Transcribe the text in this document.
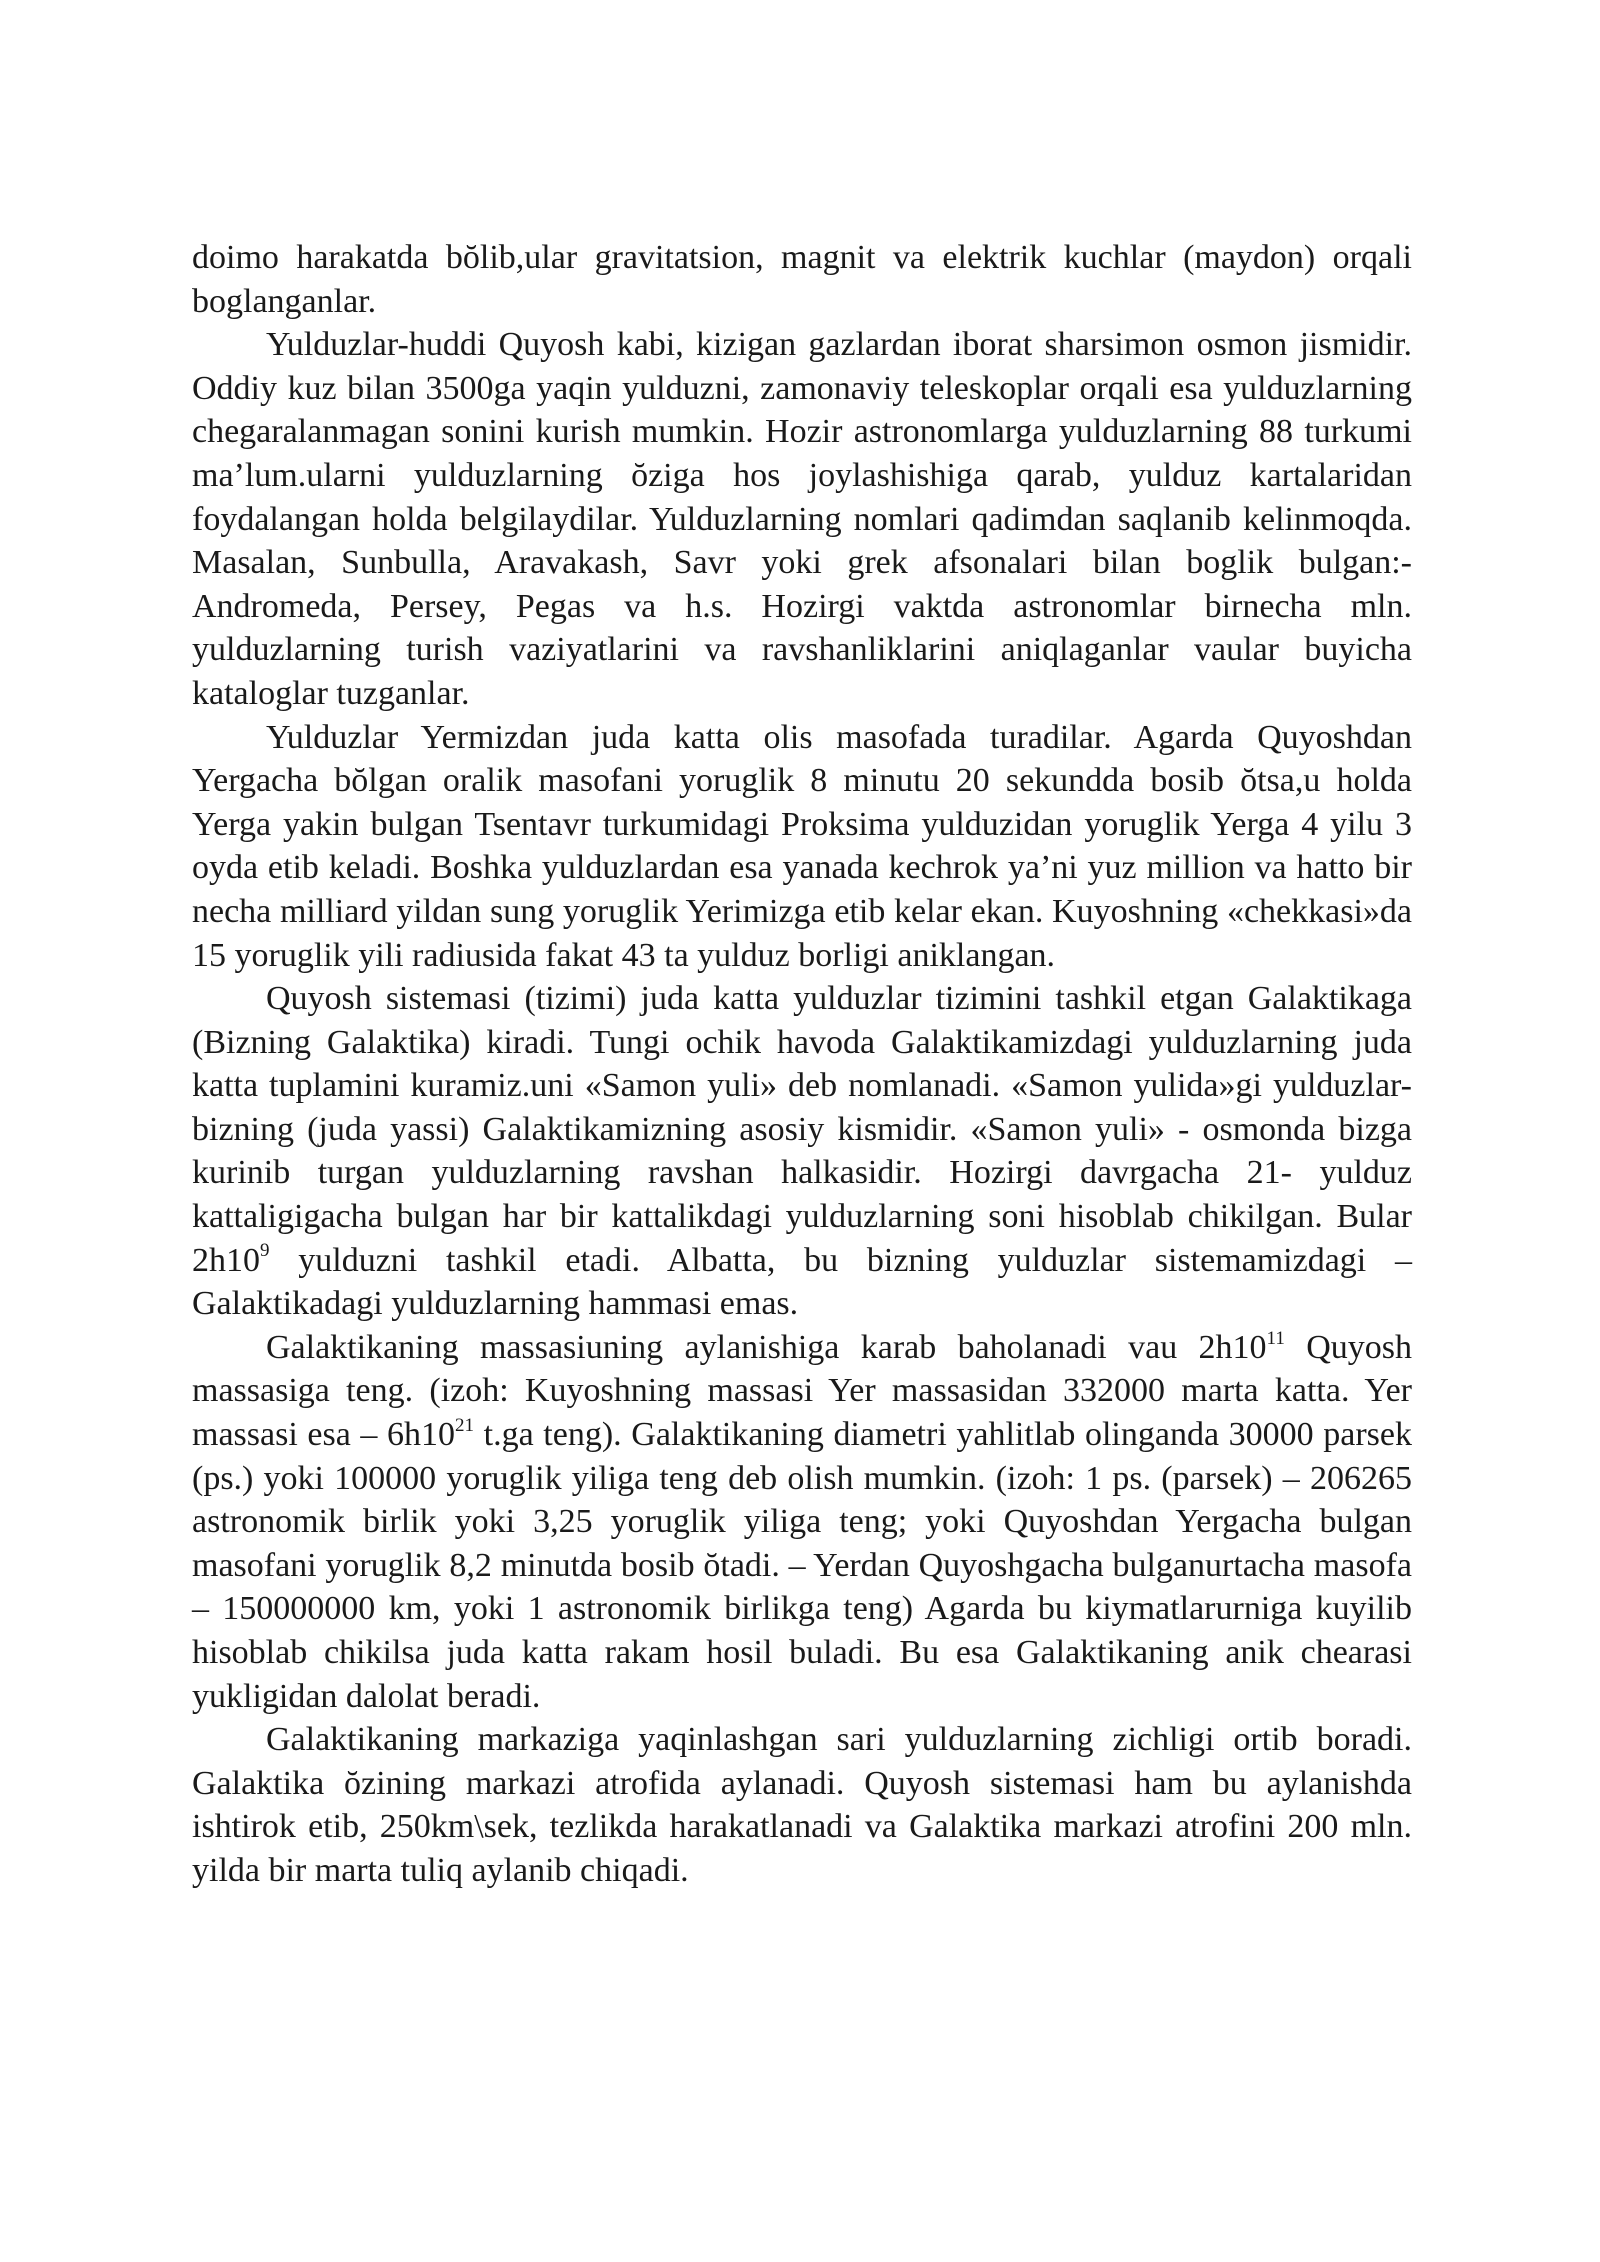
doimo harakatda bŏlib,ular gravitatsion, magnit va elektrik kuchlar (maydon) orqali boglanganlar.

Yulduzlar-huddi Quyosh kabi, kizigan gazlardan iborat sharsimon osmon jismidir. Oddiy kuz bilan 3500ga yaqin yulduzni, zamonaviy teleskoplar orqali esa yulduzlarning chegaralanmagan sonini kurish mumkin. Hozir astronomlarga yulduzlarning 88 turkumi ma’lum.ularni yulduzlarning ŏziga hos joylashishiga qarab, yulduz kartalaridan foydalangan holda belgilaydilar. Yulduzlarning nomlari qadimdan saqlanib kelinmoqda. Masalan, Sunbulla, Aravakash, Savr yoki grek afsonalari bilan boglik bulgan:- Andromeda, Persey, Pegas va h.s. Hozirgi vaktda astronomlar birnecha mln. yulduzlarning turish vaziyatlarini va ravshanliklarini aniqlaganlar vaular buyicha kataloglar tuzganlar.

Yulduzlar Yermizdan juda katta olis masofada turadilar. Agarda Quyoshdan Yergacha bŏlgan oralik masofani yoruglik 8 minutu 20 sekundda bosib ŏtsa,u holda Yerga yakin bulgan Tsentavr turkumidagi Proksima yulduzidan yoruglik Yerga 4 yilu 3 oyda etib keladi. Boshka yulduzlardan esa yanada kechrok ya’ni yuz million va hatto bir necha milliard yildan sung yoruglik Yerimizga etib kelar ekan. Kuyoshning «chekkasi»da 15 yoruglik yili radiusida fakat 43 ta yulduz borligi aniklangan.

Quyosh sistemasi (tizimi) juda katta yulduzlar tizimini tashkil etgan Galaktikaga (Bizning Galaktika) kiradi. Tungi ochik havoda Galaktikamizdagi yulduzlarning juda katta tuplamini kuramiz.uni «Samon yuli» deb nomlanadi. «Samon yulida»gi yulduzlar-bizning (juda yassi) Galaktikamizning asosiy kismidir. «Samon yuli» - osmonda bizga kurinib turgan yulduzlarning ravshan halkasidir. Hozirgi davrgacha 21- yulduz kattaligigacha bulgan har bir kattalikdagi yulduzlarning soni hisoblab chikilgan. Bular $2h10^9$ yulduzni tashkil etadi. Albatta, bu bizning yulduzlar sistemamizdagi – Galaktikadagi yulduzlarning hammasi emas.

Galaktikaning massasiuning aylanishiga karab baholanadi vau $2h10^{11}$ Quyosh massasiga teng. (izoh: Kuyoshning massasi Yer massasidan 332000 marta katta. Yer massasi esa – $6h10^{21}$ t.ga teng). Galaktikaning diametri yahlitlab olinganda 30000 parsek (ps.) yoki 100000 yoruglik yiliga teng deb olish mumkin. (izoh: 1 ps. (parsek) – 206265 astronomik birlik yoki 3,25 yoruglik yiliga teng; yoki Quyoshdan Yergacha bulgan masofani yoruglik 8,2 minutda bosib ŏtadi. – Yerdan Quyoshgacha bulganurtacha masofa – 150000000 km, yoki 1 astronomik birlikga teng) Agarda bu kiymatlarurniga kuyilib hisoblab chikilsa juda katta rakam hosil buladi. Bu esa Galaktikaning anik chearasi yukligidan dalolat beradi.

Galaktikaning markaziga yaqinlashgan sari yulduzlarning zichligi ortib boradi. Galaktika ŏzining markazi atrofida aylanadi. Quyosh sistemasi ham bu aylanishda ishtirok etib, 250km\sek, tezlikda harakatlanadi va Galaktika markazi atrofini 200 mln. yilda bir marta tuliq aylanib chiqadi.
